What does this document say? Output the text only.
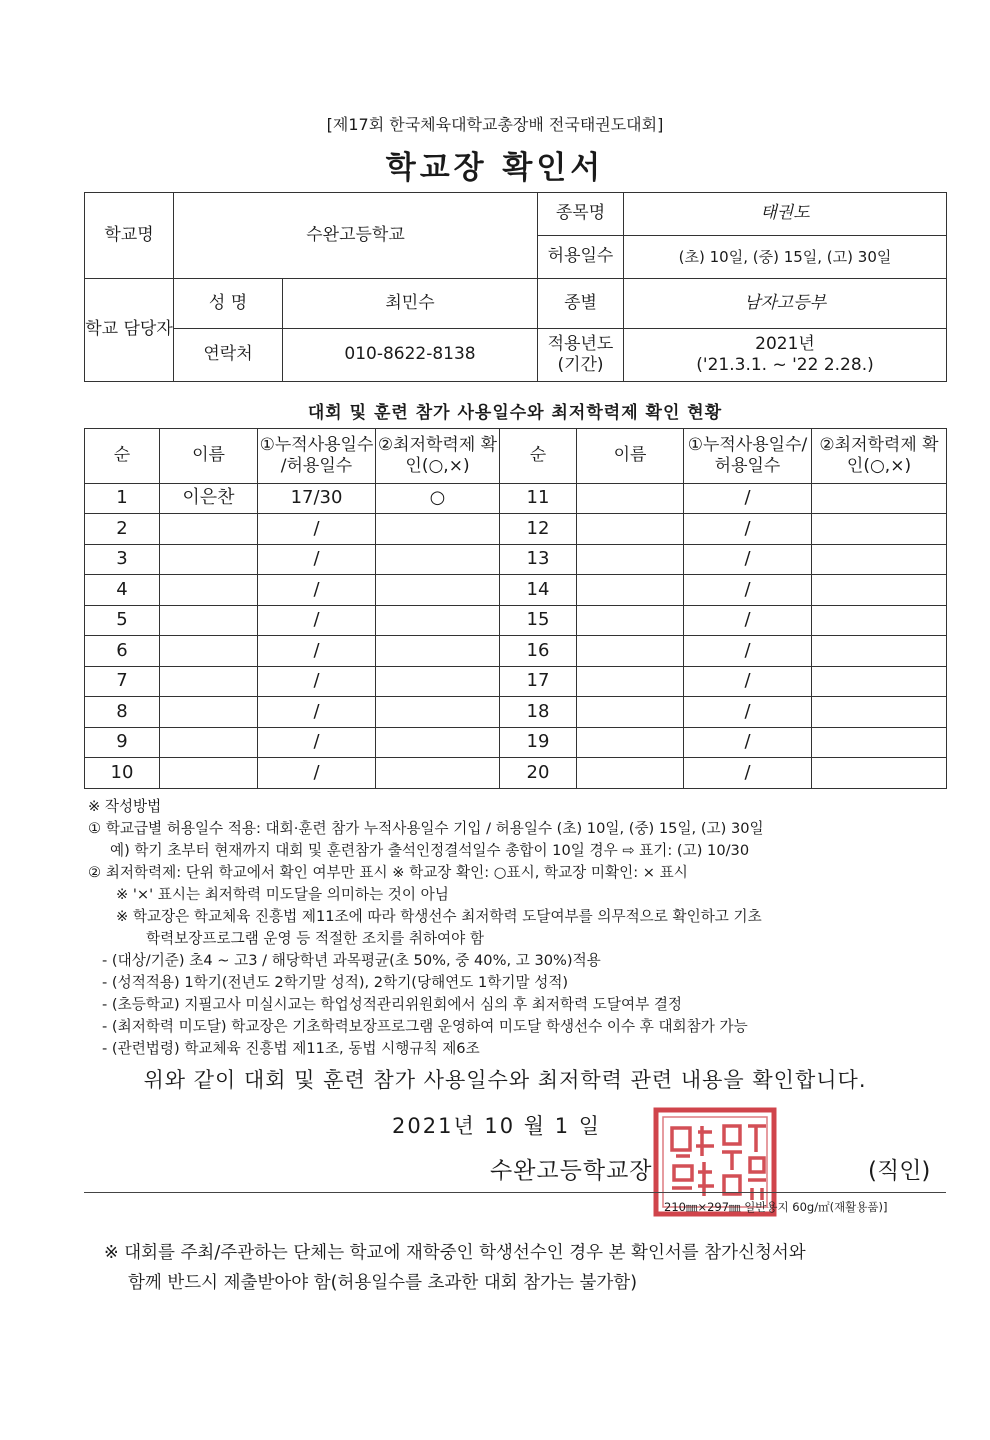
[제17회 한국체육대학교총장배 전국태권도대회]
학교장 확인서
학교명	수완고등학교		종목명	태권도
			허용일수	(초) 10일, (중) 15일, (고) 30일
학교 담당자	성 명	최민수	종별	남자고등부
	연락처	010-8622-8138	적용년도 (기간)	2021년
('21.3.1. ~ '22 2.28.)
대회 및 훈련 참가 사용일수와 최저학력제 확인 현황
순	이름	①누적사용일수 /허용일수	②최저학력제 확인(○,×)	순	이름	①누적사용일수/ 허용일수	②최저학력제 확인(○,×)
1	이은찬	17/30	○	11		/	
2		/		12		/	
3		/		13		/	
4		/		14		/	
5		/		15		/	
6		/		16		/	
7		/		17		/	
8		/		18		/	
9		/		19		/	
10		/		20		/	
※ 작성방법
① 학교급별 허용일수 적용: 대회·훈련 참가 누적사용일수 기입 / 허용일수 (초) 10일, (중) 15일, (고) 30일
예) 학기 초부터 현재까지 대회 및 훈련참가 출석인정결석일수 총합이 10일 경우 ⇨ 표기: (고) 10/30
② 최저학력제: 단위 학교에서 확인 여부만 표시 ※ 학교장 확인: ○표시, 학교장 미확인: × 표시
※ '×' 표시는 최저학력 미도달을 의미하는 것이 아님
※ 학교장은 학교체육 진흥법 제11조에 따라 학생선수 최저학력 도달여부를 의무적으로 확인하고 기초
학력보장프로그램 운영 등 적절한 조치를 취하여야 함
- (대상/기준) 초4 ~ 고3 / 해당학년 과목평균(초 50%, 중 40%, 고 30%)적용
- (성적적용) 1학기(전년도 2학기말 성적), 2학기(당해연도 1학기말 성적)
- (초등학교) 지필고사 미실시교는 학업성적관리위원회에서 심의 후 최저학력 도달여부 결정
- (최저학력 미도달) 학교장은 기초학력보장프로그램 운영하여 미도달 학생선수 이수 후 대회참가 가능
- (관련법령) 학교체육 진흥법 제11조, 동법 시행규칙 제6조
위와 같이 대회 및 훈련 참가 사용일수와 최저학력 관련 내용을 확인합니다.
2021년 10 월 1 일
수완고등학교장	(직인)
210㎜×297㎜ 일반용지 60g/㎡(재활용품)]
※ 대회를 주최/주관하는 단체는 학교에 재학중인 학생선수인 경우 본 확인서를 참가신청서와
함께 반드시 제출받아야 함(허용일수를 초과한 대회 참가는 불가함)
